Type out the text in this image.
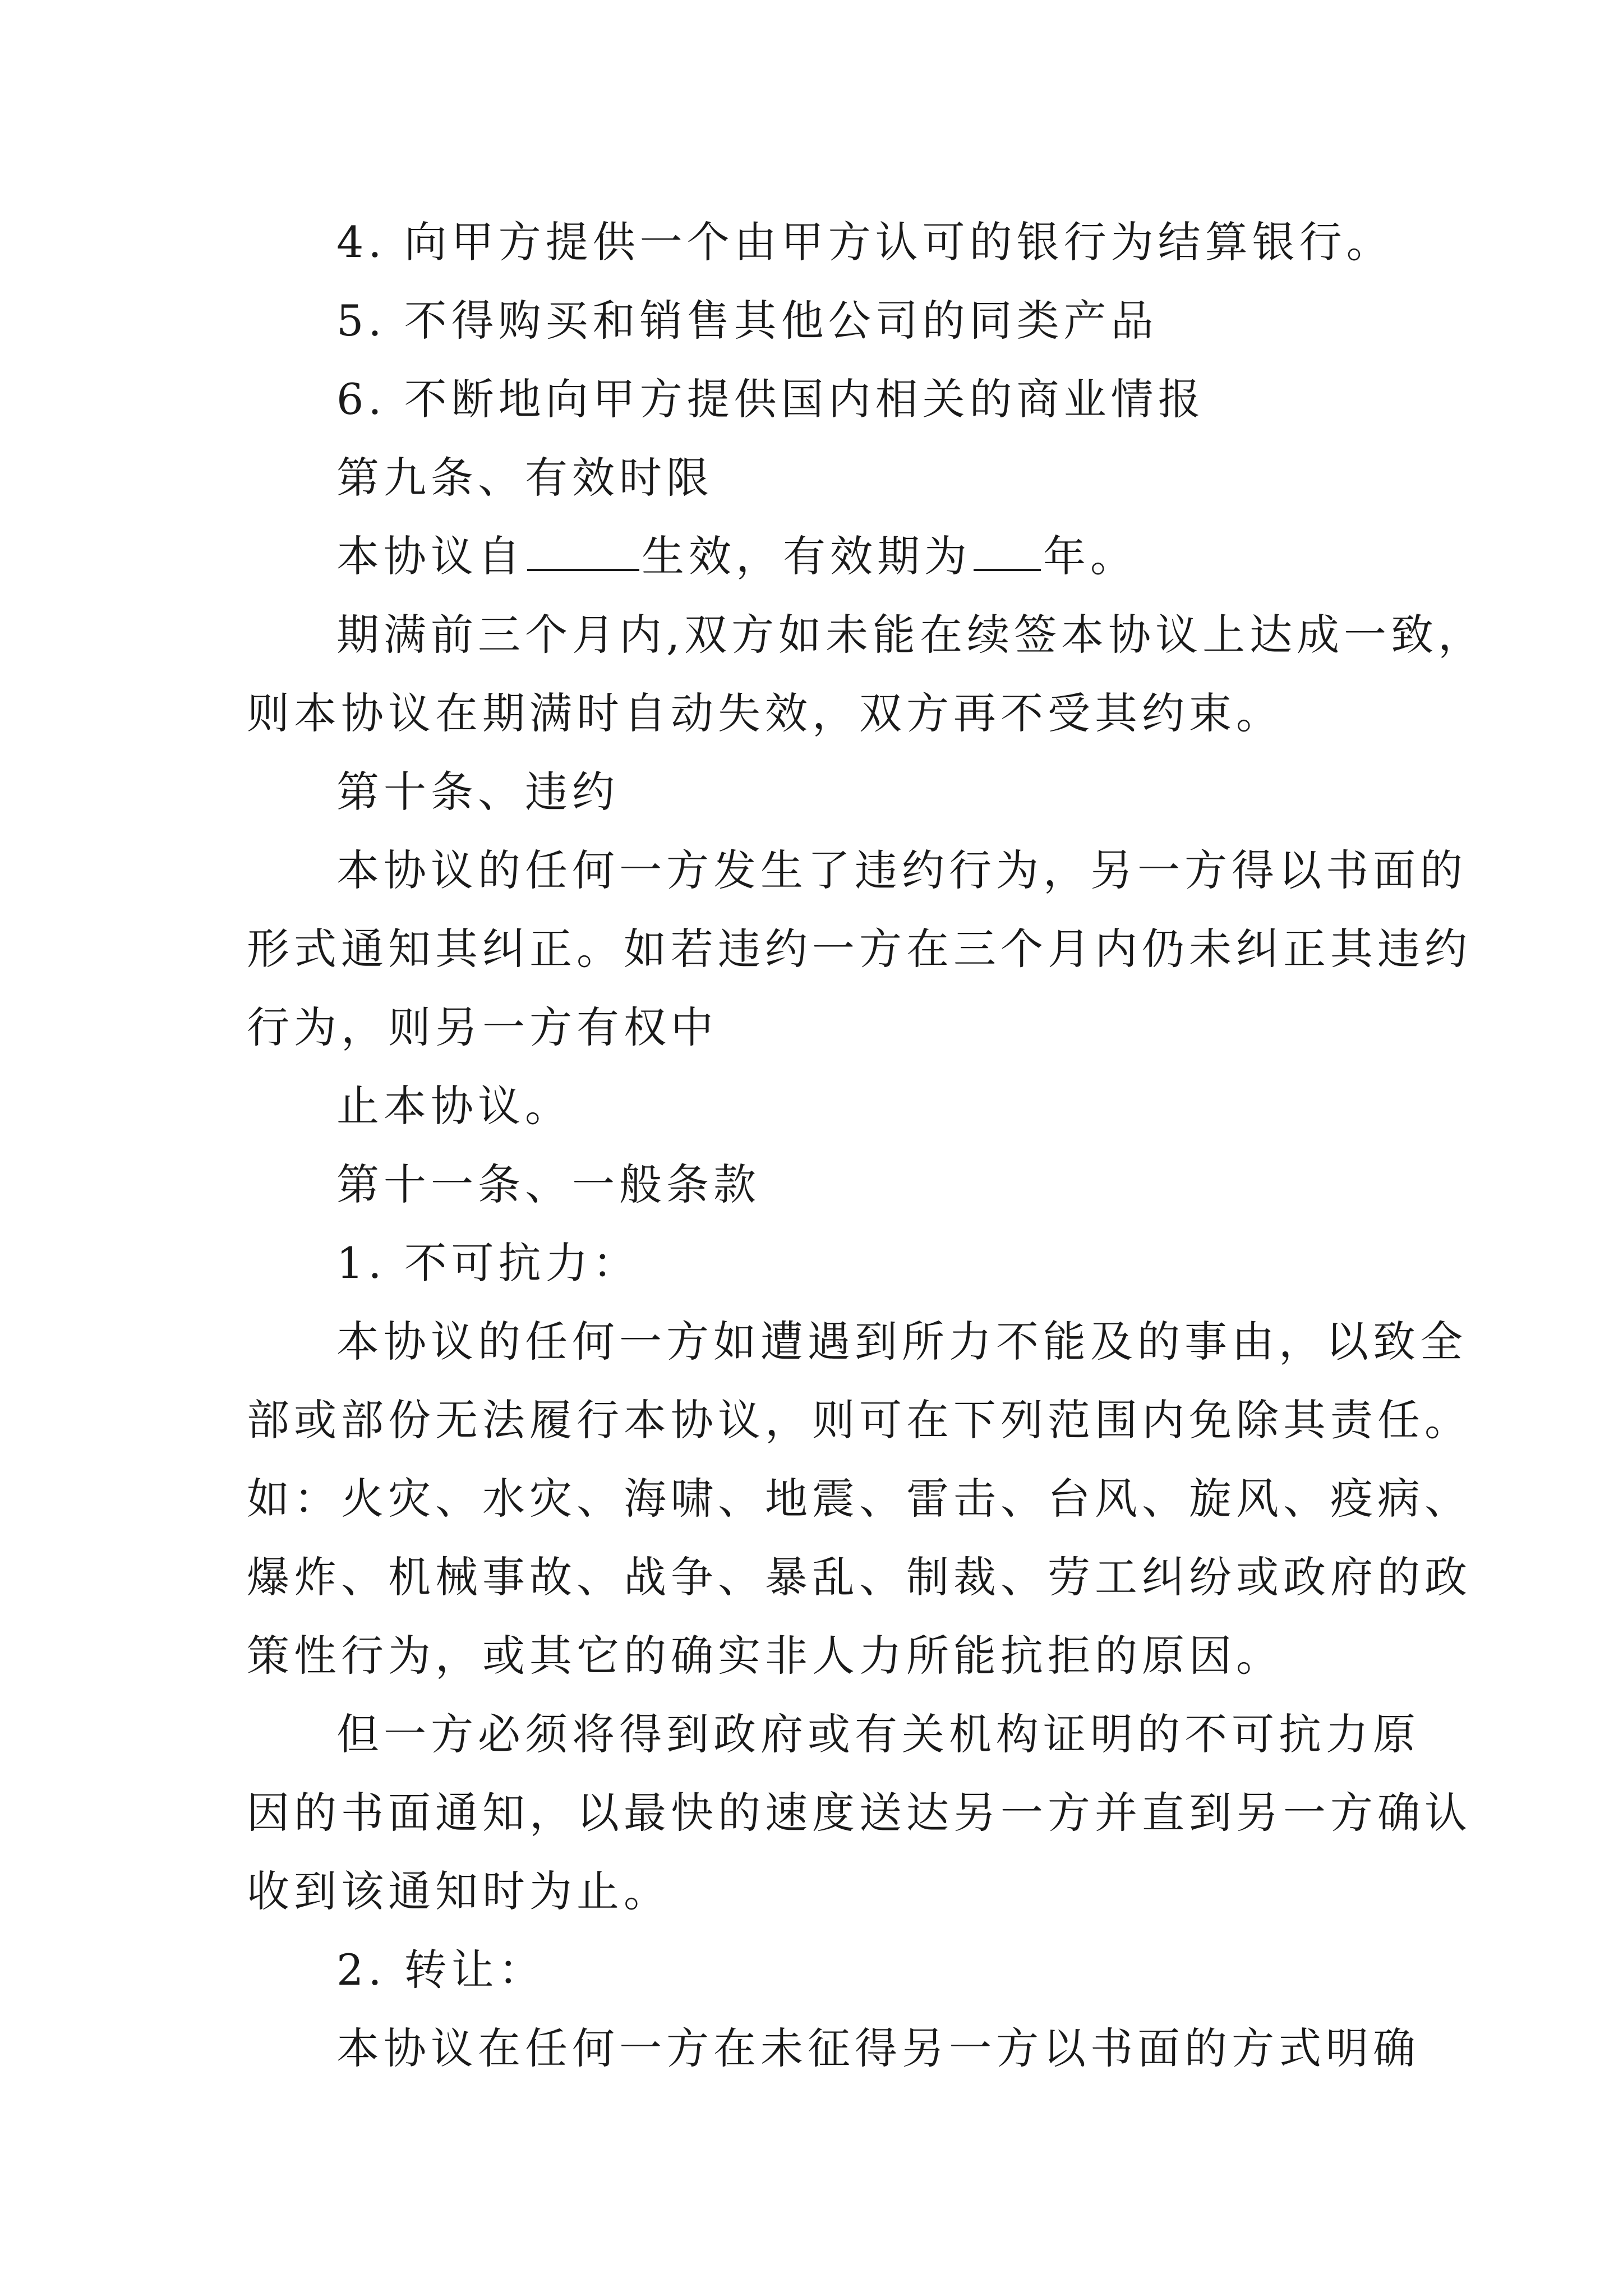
4. 向甲方提供一个由甲方认可的银行为结算银行。
5. 不得购买和销售其他公司的同类产品
6. 不断地向甲方提供国内相关的商业情报
第九条、有效时限
本协议自	生效，有效期为 年。
期满前三个月内,双方如未能在续签本协议上达成一致，
则本协议在期满时自动失效，双方再不受其约束。
第十条、违约
本协议的任何一方发生了违约行为，另一方得以书面的
形式通知其纠正。如若违约一方在三个月内仍未纠正其违约
行为，则另一方有权中
止本协议。
第十一条、一般条款
1. 不可抗力：
本协议的任何一方如遭遇到所力不能及的事由，以致全
部或部份无法履行本协议，则可在下列范围内免除其责任。
如：火灾、水灾、海啸、地震、雷击、台风、旋风、疫病、
爆炸、机械事故、战争、暴乱、制裁、劳工纠纷或政府的政
策性行为，或其它的确实非人力所能抗拒的原因。
但一方必须将得到政府或有关机构证明的不可抗力原
因的书面通知，以最快的速度送达另一方并直到另一方确认
收到该通知时为止。
2. 转让：
本协议在任何一方在未征得另一方以书面的方式明确
